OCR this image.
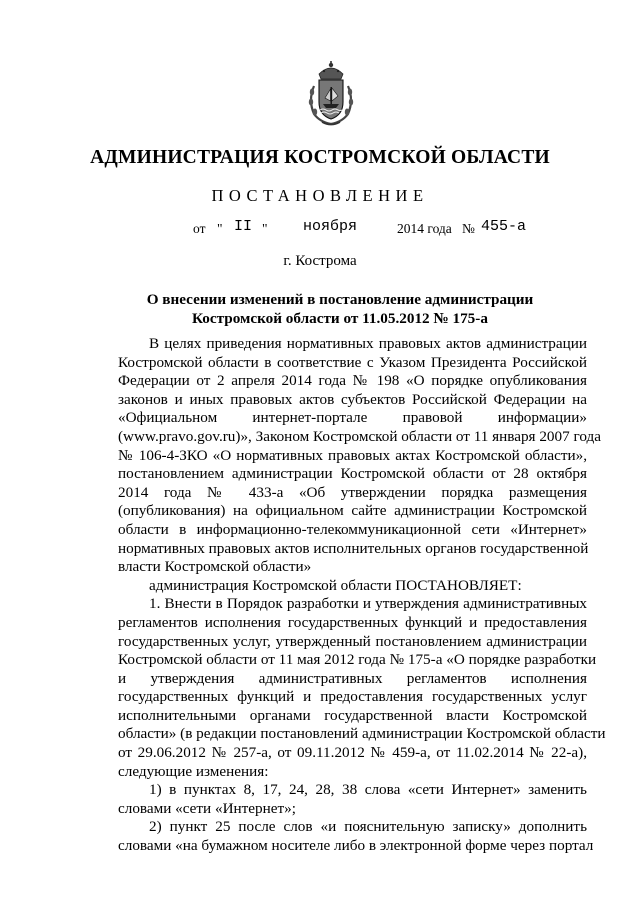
АДМИНИСТРАЦИЯ КОСТРОМСКОЙ ОБЛАСТИ
ПОСТАНОВЛЕНИЕ
от " II " ноября	2014 года № 455-а
г. Кострома
О внесении изменений в постановление администрации
Костромской области от 11.05.2012 № 175-а

В целях приведения нормативных правовых актов администрации
Костромской области в соответствие с Указом Президента Российской
Федерации от 2 апреля 2014 года № 198 «О порядке опубликования
законов и иных правовых актов субъектов Российской Федерации на
«Официальном интернет-портале правовой информации»
(www.pravo.gov.ru)», Законом Костромской области от 11 января 2007 года
№ 106-4-ЗКО «О нормативных правовых актах Костромской области»,
постановлением администрации Костромской области от 28 октября
2014 года № 433-а «Об утверждении порядка размещения
(опубликования) на официальном сайте администрации Костромской
области в информационно-телекоммуникационной сети «Интернет»
нормативных правовых актов исполнительных органов государственной
власти Костромской области»

администрация Костромской области ПОСТАНОВЛЯЕТ:

1. Внести в Порядок разработки и утверждения административных
регламентов исполнения государственных функций и предоставления
государственных услуг, утвержденный постановлением администрации
Костромской области от 11 мая 2012 года № 175-а «О порядке разработки
и утверждения административных регламентов исполнения
государственных функций и предоставления государственных услуг
исполнительными органами государственной власти Костромской
области» (в редакции постановлений администрации Костромской области
от 29.06.2012 № 257-а, от 09.11.2012 № 459-а, от 11.02.2014 № 22-а),
следующие изменения:

1) в пунктах 8, 17, 24, 28, 38 слова «сети Интернет» заменить
словами «сети «Интернет»;

2) пункт 25 после слов «и пояснительную записку» дополнить
словами «на бумажном носителе либо в электронной форме через портал
